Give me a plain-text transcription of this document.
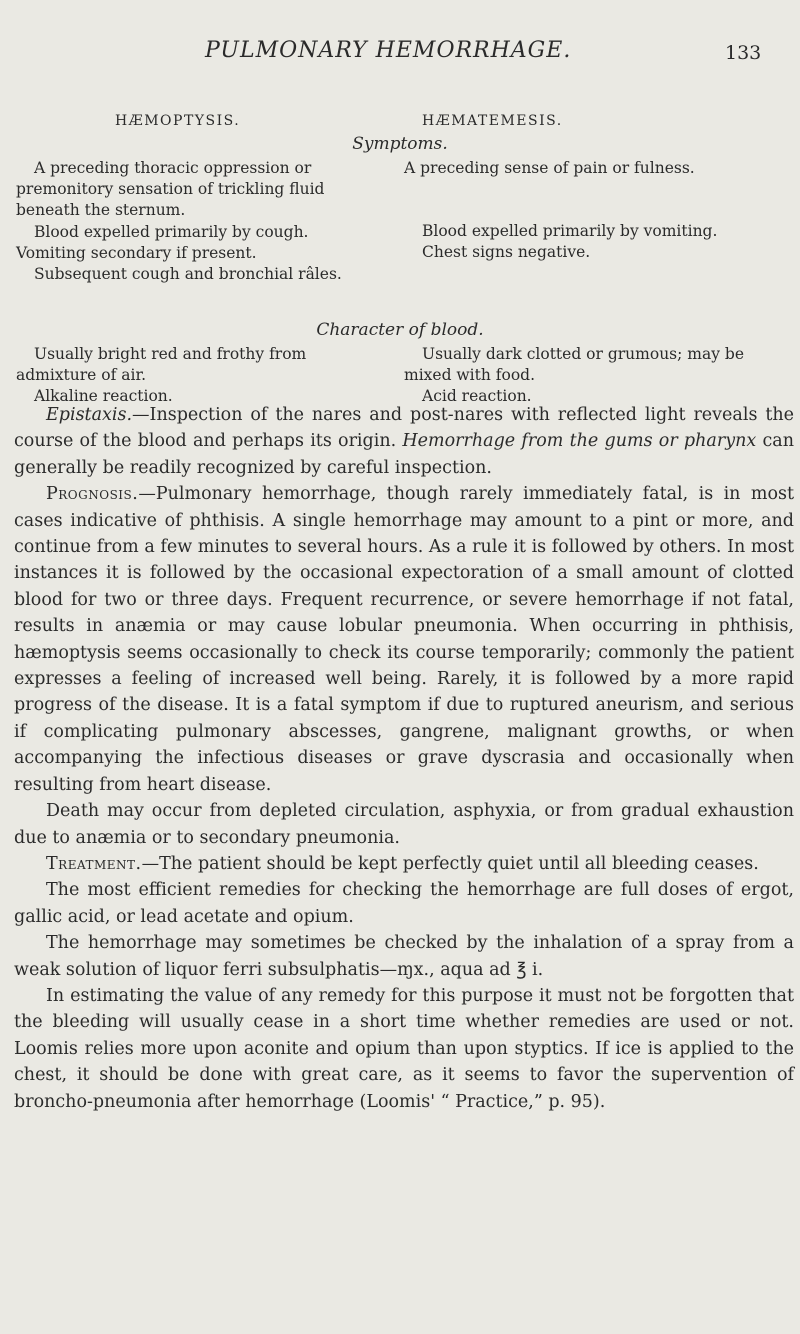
PULMONARY HEMORRHAGE.	133
HÆMOPTYSIS.	HÆMATEMESIS.
Symptoms.

A preceding thoracic oppression or premonitory sensation of trickling fluid beneath the sternum.

Blood expelled primarily by cough.

Vomiting secondary if present.

Subsequent cough and bronchial râles.

A preceding sense of pain or fulness.

Blood expelled primarily by vomiting.

Chest signs negative.

Character of blood.

Usually bright red and frothy from admixture of air.

Alkaline reaction.

Usually dark clotted or grumous; may be mixed with food.

Acid reaction.

Epistaxis.—Inspection of the nares and post-nares with reflected light reveals the course of the blood and perhaps its origin. Hemorrhage from the gums or pharynx can generally be readily recognized by careful inspection.

Prognosis.—Pulmonary hemorrhage, though rarely immediately fatal, is in most cases indicative of phthisis. A single hemorrhage may amount to a pint or more, and continue from a few minutes to several hours. As a rule it is followed by others. In most instances it is followed by the occasional expectoration of a small amount of clotted blood for two or three days. Frequent recurrence, or severe hemorrhage if not fatal, results in anæmia or may cause lobular pneumonia. When occurring in phthisis, hæmoptysis seems occasionally to check its course temporarily; commonly the patient expresses a feeling of increased well being. Rarely, it is followed by a more rapid progress of the disease. It is a fatal symptom if due to ruptured aneurism, and serious if complicating pulmonary abscesses, gangrene, malignant growths, or when accompanying the infectious diseases or grave dyscrasia and occasionally when resulting from heart disease.

Death may occur from depleted circulation, asphyxia, or from gradual exhaustion due to anæmia or to secondary pneumonia.

Treatment.—The patient should be kept perfectly quiet until all bleeding ceases.

The most efficient remedies for checking the hemorrhage are full doses of ergot, gallic acid, or lead acetate and opium.

The hemorrhage may sometimes be checked by the inhalation of a spray from a weak solution of liquor ferri subsulphatis—ɱx., aqua ad ℥ i.

In estimating the value of any remedy for this purpose it must not be forgotten that the bleeding will usually cease in a short time whether remedies are used or not. Loomis relies more upon aconite and opium than upon styptics. If ice is applied to the chest, it should be done with great care, as it seems to favor the supervention of broncho-pneumonia after hemorrhage (Loomis' “ Practice,” p. 95).
